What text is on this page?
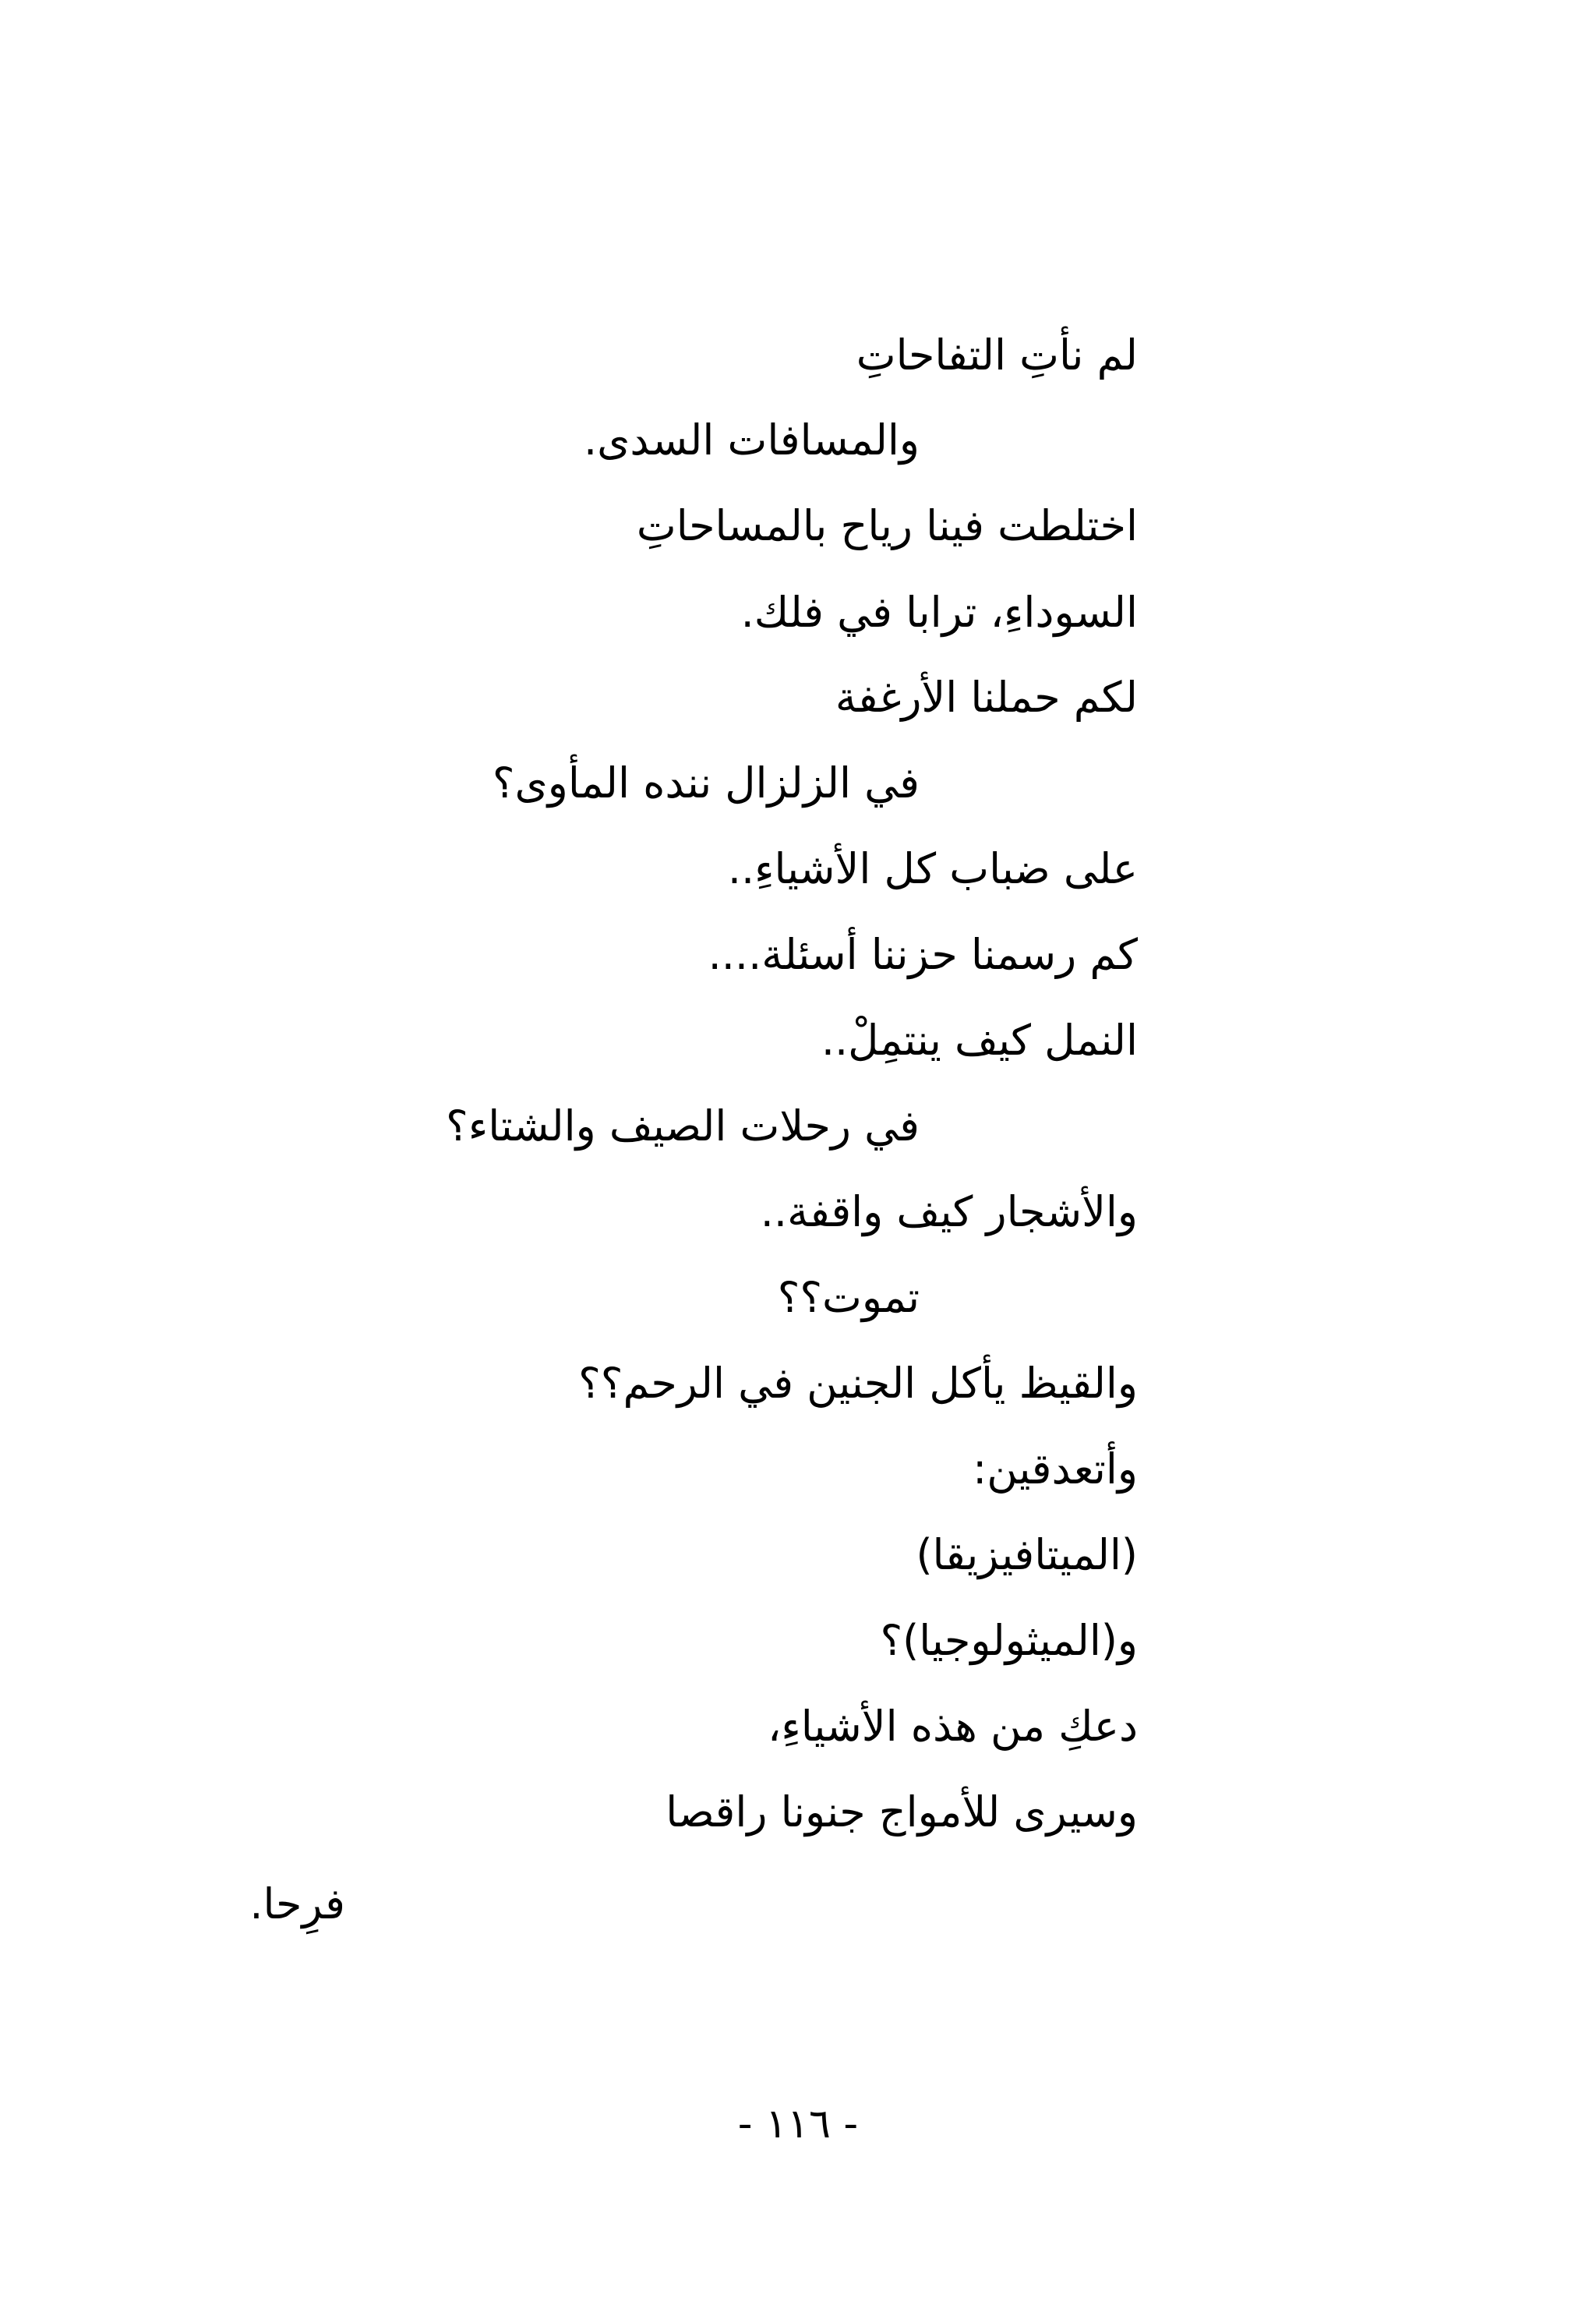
لم نأتِ التفاحاتِ
والمسافات السدى.
اختلطت فينا رياح بالمساحاتِ
السوداءِ، ترابا في فلك.
لكم حملنا الأرغفة
في الزلزال ننده المأوى؟
على ضباب كل الأشياءِ..
كم رسمنا حزننا أسئلة....
النمل كيف ينتمِلْ..
في رحلات الصيف والشتاء؟
والأشجار كيف واقفة..
تموت؟؟
والقيظ يأكل الجنين في الرحم؟؟
وأتعدقين:
(الميتافيزيقا)
و(الميثولوجيا)؟
دعكِ من هذه الأشياءِ،
وسيرى للأمواج جنونا راقصا
فرِحا.
- ١١٦ -
